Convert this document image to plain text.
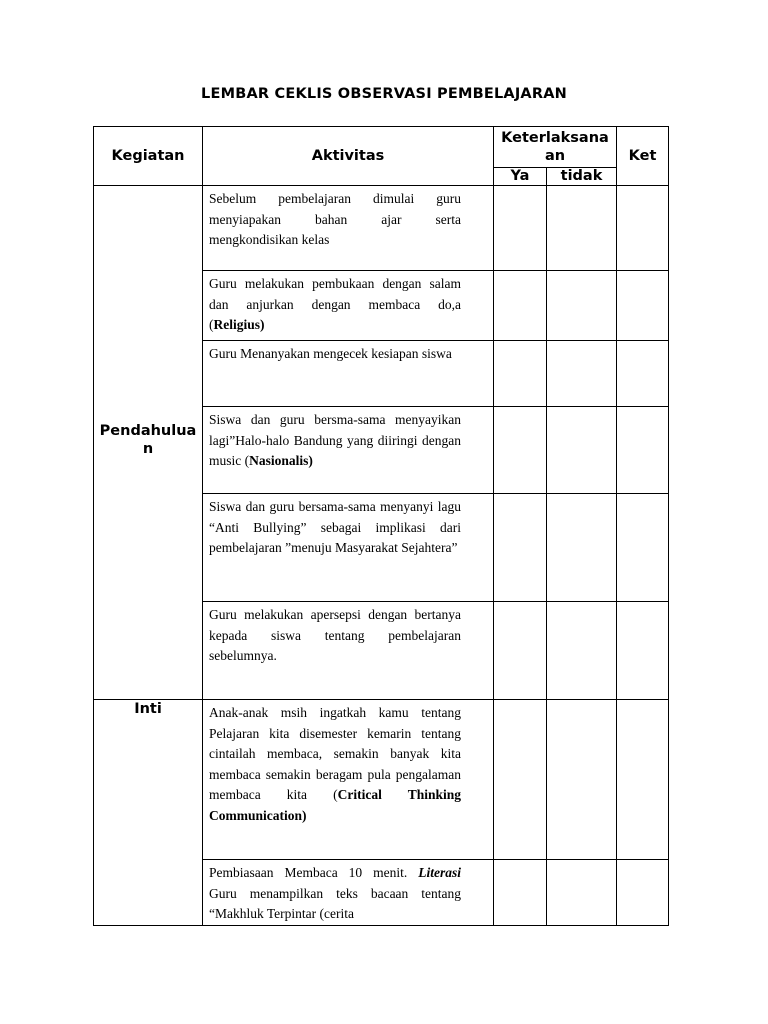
LEMBAR CEKLIS OBSERVASI PEMBELAJARAN
Kegiatan	Aktivitas	Keterlaksanaan		Ket
		Ya	tidak	

Pendahuluan	Sebelum pembelajaran dimulai guru menyiapakan bahan ajar serta mengkondisikan kelas			
	Guru melakukan pembukaan dengan salam dan anjurkan dengan membaca do,a (Religius)			
	Guru Menanyakan mengecek kesiapan siswa			
	Siswa dan guru bersma-sama menyayikan lagi”Halo-halo Bandung yang diiringi dengan music (Nasionalis)			
	Siswa dan guru bersama-sama menyanyi lagu “Anti Bullying” sebagai implikasi dari pembelajaran ”menuju Masyarakat Sejahtera”			
	Guru melakukan apersepsi dengan bertanya kepada siswa tentang pembelajaran sebelumnya.			

Inti	Anak-anak msih ingatkah kamu tentang Pelajaran kita disemester kemarin tentang cintailah membaca, semakin banyak kita membaca semakin beragam pula pengalaman membaca kita (Critical Thinking Communication)			
	Pembiasaan Membaca 10 menit. Literasi Guru menampilkan teks bacaan tentang “Makhluk Terpintar (cerita			
